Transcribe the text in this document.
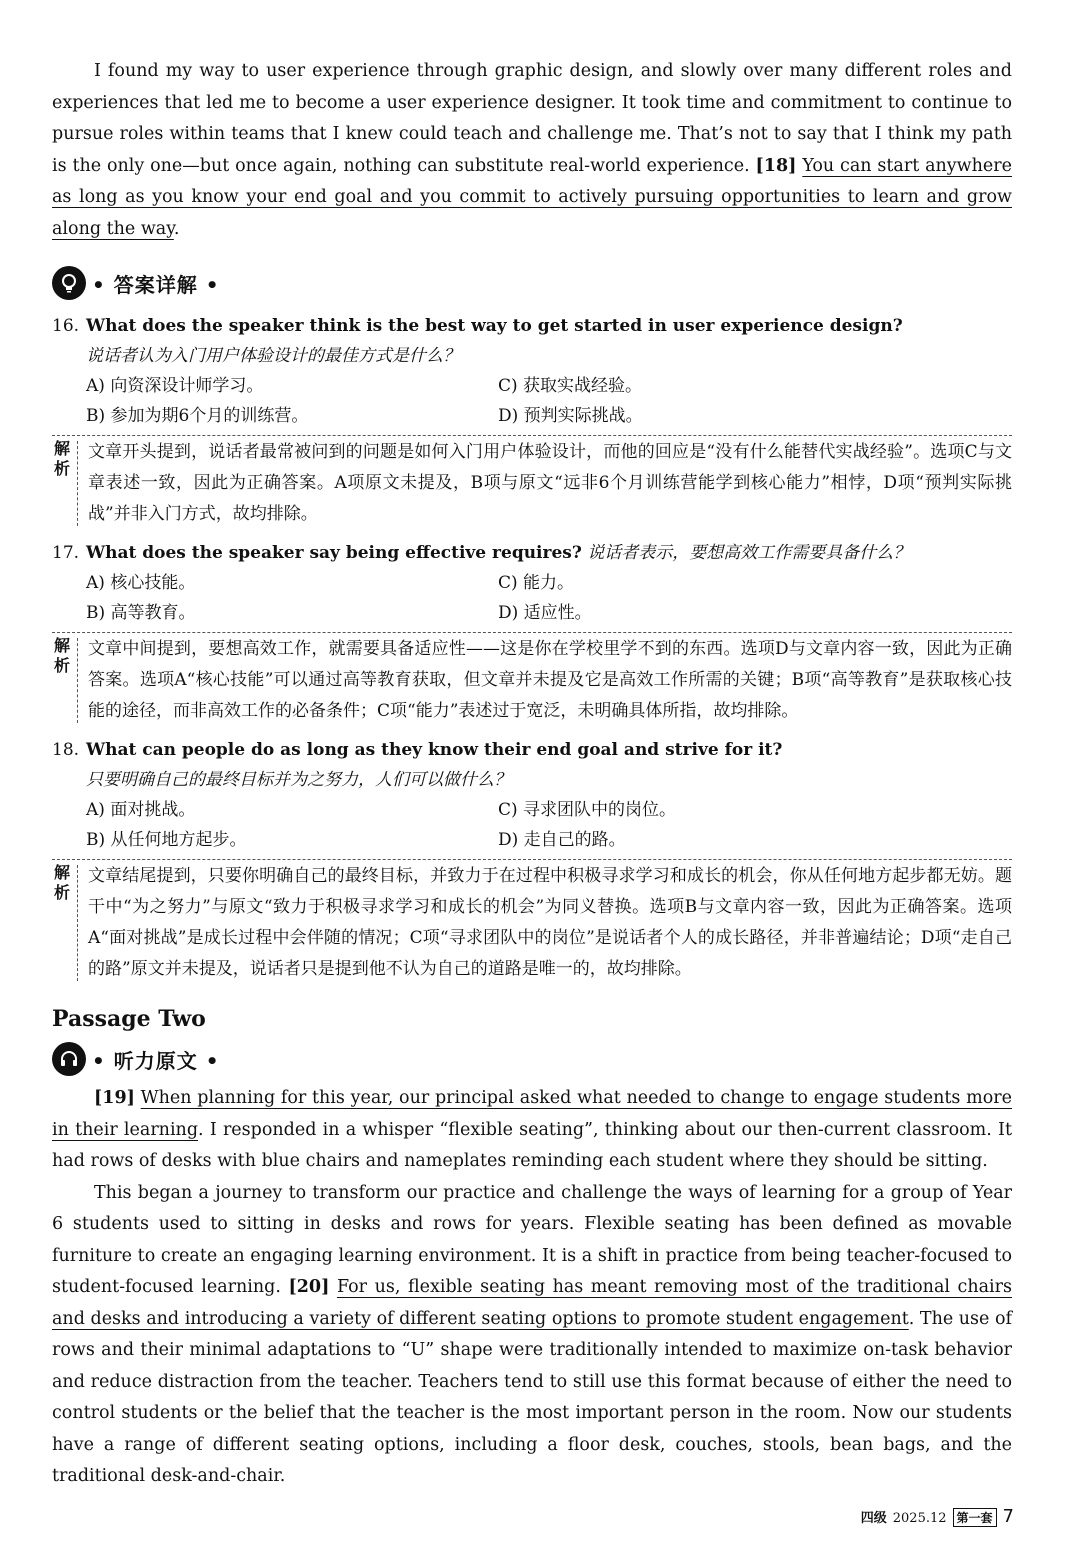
I found my way to user experience through graphic design, and slowly over many different roles and experiences that led me to become a user experience designer. It took time and commitment to continue to pursue roles within teams that I knew could teach and challenge me. That’s not to say that I think my path is the only one—but once again, nothing can substitute real-world experience. [18] You can start anywhere as long as you know your end goal and you commit to actively pursuing opportunities to learn and grow along the way.

• 答案详解 •
16. What does the speaker think is the best way to get started in user experience design?
说话者认为入门用户体验设计的最佳方式是什么？
A) 向资深设计师学习。	C) 获取实战经验。
B) 参加为期6个月的训练营。	D) 预判实际挑战。
解析
文章开头提到，说话者最常被问到的问题是如何入门用户体验设计，而他的回应是“没有什么能替代实战经验”。选项C与文章表述一致，因此为正确答案。A项原文未提及，B项与原文“远非6个月训练营能学到核心能力”相悖，D项“预判实际挑战”并非入门方式，故均排除。
17. What does the speaker say being effective requires? 说话者表示，要想高效工作需要具备什么？
A) 核心技能。	C) 能力。
B) 高等教育。	D) 适应性。
解析
文章中间提到，要想高效工作，就需要具备适应性——这是你在学校里学不到的东西。选项D与文章内容一致，因此为正确答案。选项A“核心技能”可以通过高等教育获取，但文章并未提及它是高效工作所需的关键；B项“高等教育”是获取核心技能的途径，而非高效工作的必备条件；C项“能力”表述过于宽泛，未明确具体所指，故均排除。
18. What can people do as long as they know their end goal and strive for it?
只要明确自己的最终目标并为之努力，人们可以做什么？
A) 面对挑战。	C) 寻求团队中的岗位。
B) 从任何地方起步。	D) 走自己的路。
解析
文章结尾提到，只要你明确自己的最终目标，并致力于在过程中积极寻求学习和成长的机会，你从任何地方起步都无妨。题干中“为之努力”与原文“致力于积极寻求学习和成长的机会”为同义替换。选项B与文章内容一致，因此为正确答案。选项A“面对挑战”是成长过程中会伴随的情况；C项“寻求团队中的岗位”是说话者个人的成长路径，并非普遍结论；D项“走自己的路”原文并未提及，说话者只是提到他不认为自己的道路是唯一的，故均排除。
Passage Two
• 听力原文 •

[19] When planning for this year, our principal asked what needed to change to engage students more in their learning. I responded in a whisper “flexible seating”, thinking about our then-current classroom. It had rows of desks with blue chairs and nameplates reminding each student where they should be sitting.

This began a journey to transform our practice and challenge the ways of learning for a group of Year 6 students used to sitting in desks and rows for years. Flexible seating has been defined as movable furniture to create an engaging learning environment. It is a shift in practice from being teacher-focused to student-focused learning. [20] For us, flexible seating has meant removing most of the traditional chairs and desks and introducing a variety of different seating options to promote student engagement. The use of rows and their minimal adaptations to “U” shape were traditionally intended to maximize on-task behavior and reduce distraction from the teacher. Teachers tend to still use this format because of either the need to control students or the belief that the teacher is the most important person in the room. Now our students have a range of different seating options, including a floor desk, couches, stools, bean bags, and the traditional desk-and-chair.

四级 2025.12 第一套 7
